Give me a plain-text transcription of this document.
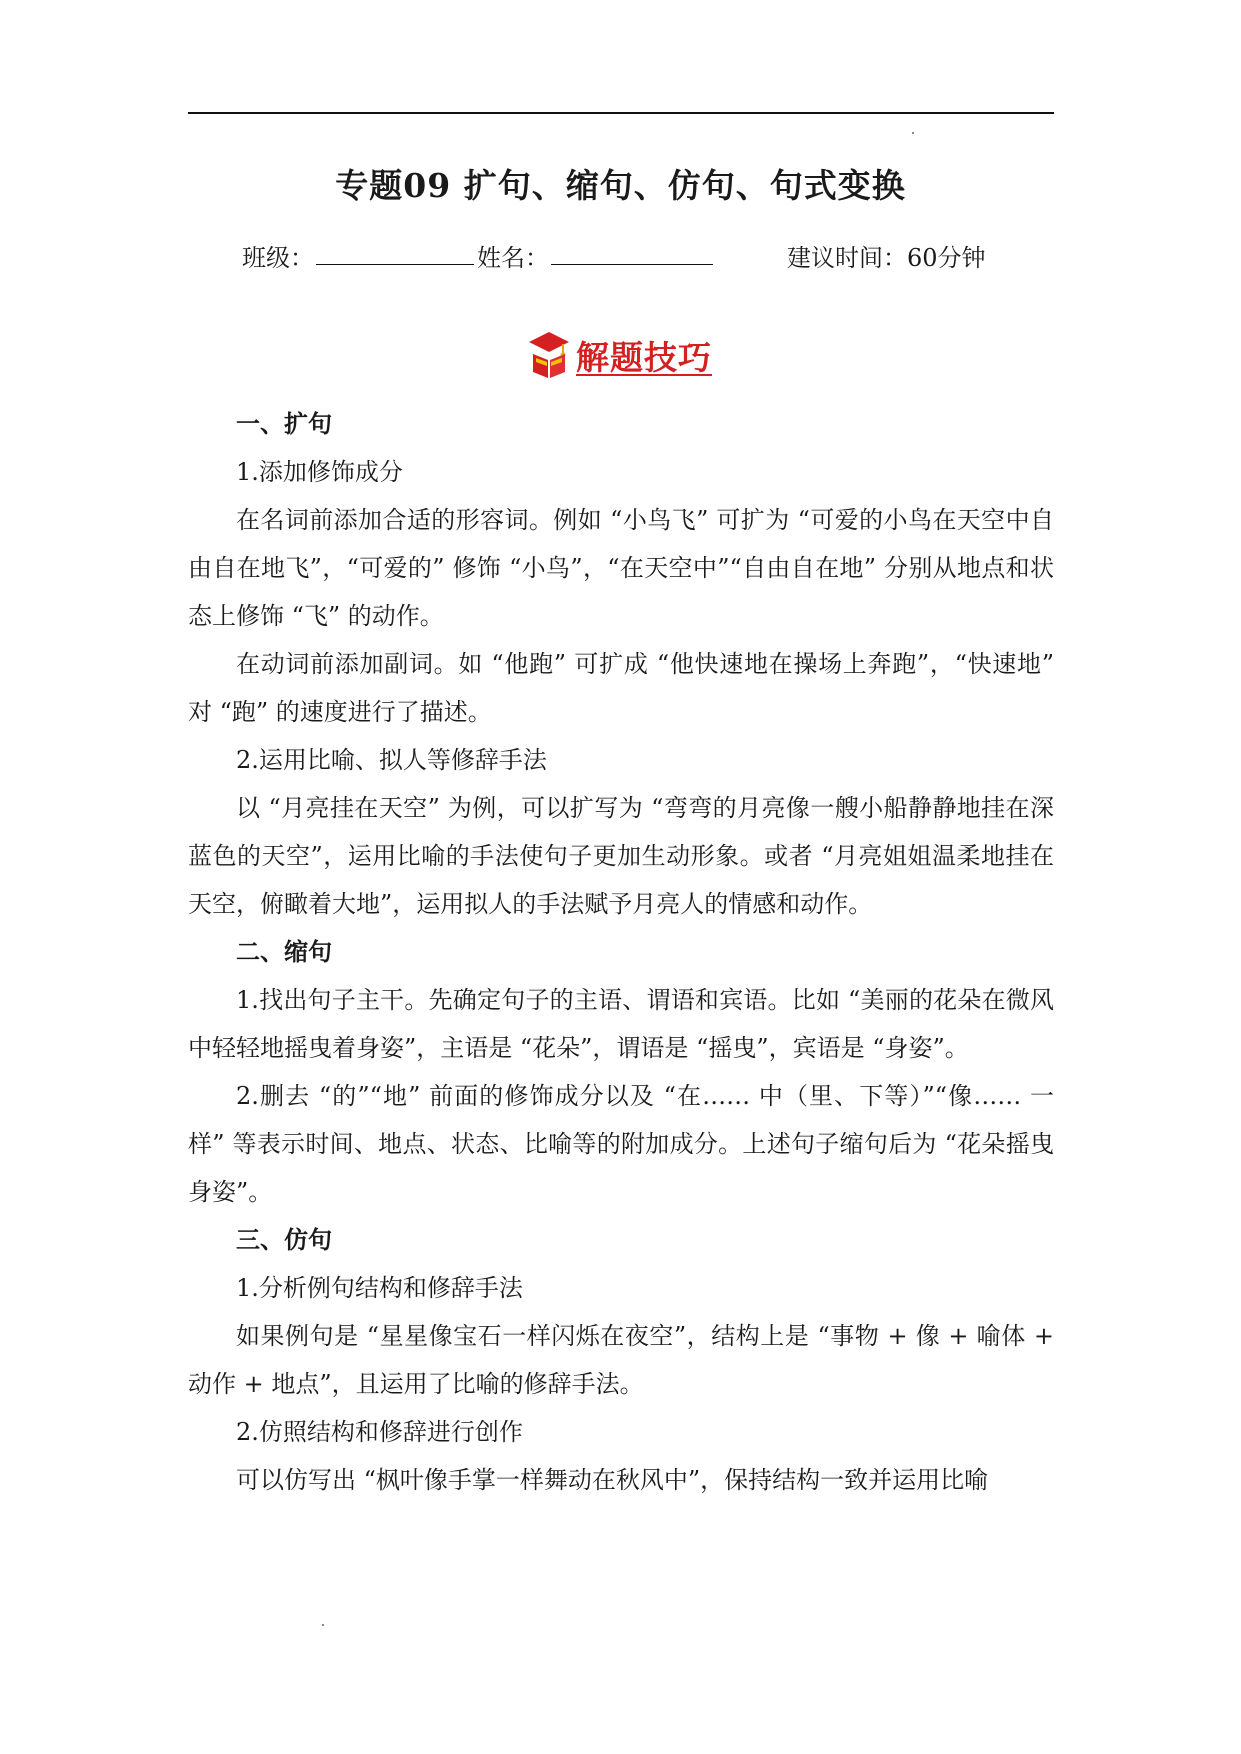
专题09 扩句、缩句、仿句、句式变换
班级：	姓名：	建议时间：60分钟
解题技巧

一、扩句

1.添加修饰成分

在名词前添加合适的形容词。例如 “小鸟飞” 可扩为 “可爱的小鸟在天空中自由自在地飞”，“可爱的” 修饰 “小鸟”，“在天空中”“自由自在地” 分别从地点和状态上修饰 “飞” 的动作。

在动词前添加副词。如 “他跑” 可扩成 “他快速地在操场上奔跑”，“快速地” 对 “跑” 的速度进行了描述。

2.运用比喻、拟人等修辞手法

以 “月亮挂在天空” 为例，可以扩写为 “弯弯的月亮像一艘小船静静地挂在深蓝色的天空”，运用比喻的手法使句子更加生动形象。或者 “月亮姐姐温柔地挂在天空，俯瞰着大地”，运用拟人的手法赋予月亮人的情感和动作。

二、缩句

1.找出句子主干。先确定句子的主语、谓语和宾语。比如 “美丽的花朵在微风中轻轻地摇曳着身姿”，主语是 “花朵”，谓语是 “摇曳”，宾语是 “身姿”。

2.删去 “的”“地” 前面的修饰成分以及 “在…… 中（里、下等）”“像…… 一样” 等表示时间、地点、状态、比喻等的附加成分。上述句子缩句后为 “花朵摇曳身姿”。

三、仿句

1.分析例句结构和修辞手法

如果例句是 “星星像宝石一样闪烁在夜空”，结构上是 “事物 + 像 + 喻体 + 动作 + 地点”，且运用了比喻的修辞手法。

2.仿照结构和修辞进行创作

可以仿写出 “枫叶像手掌一样舞动在秋风中”，保持结构一致并运用比喻
